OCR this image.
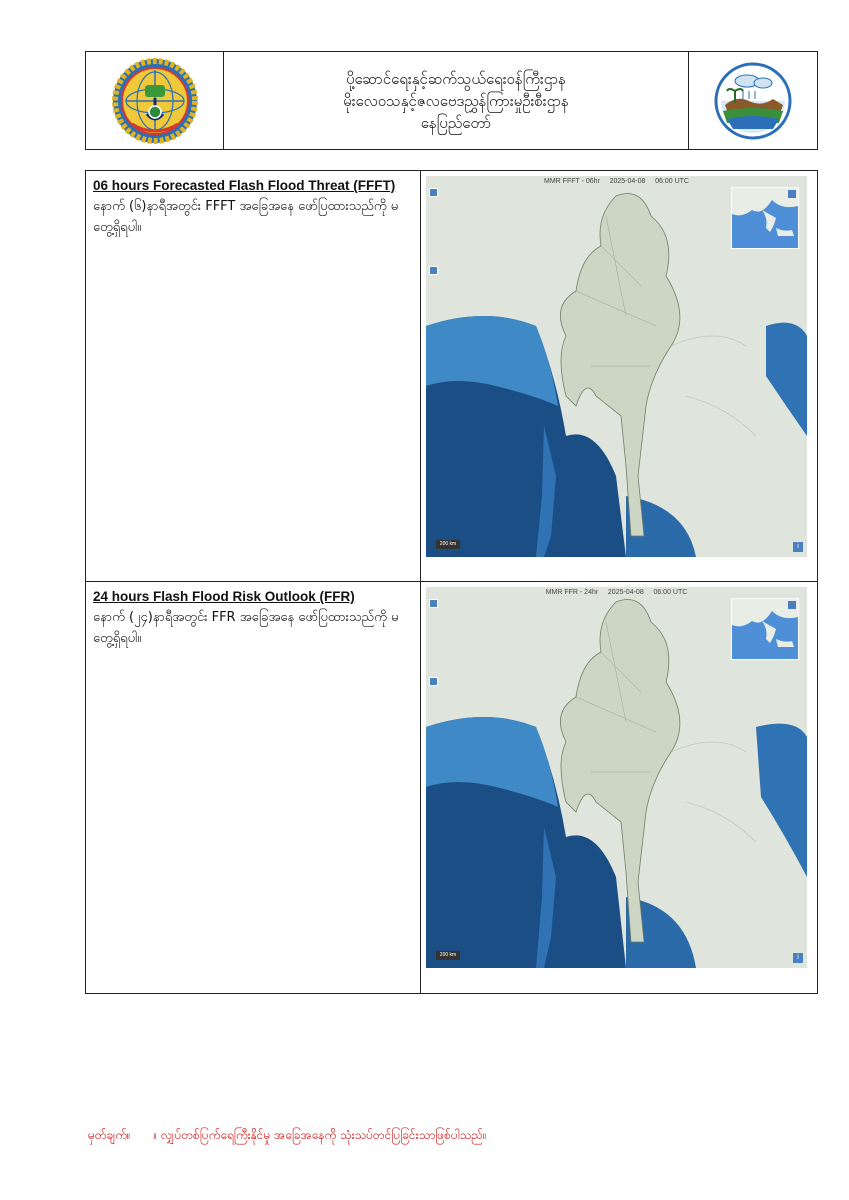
ပို့ဆောင်ရေးနှင့်ဆက်သွယ်ရေးဝန်ကြီးဌာန
မိုးလေဝသနှင့်ဇလဗေဒညွှန်ကြားမှုဦးစီးဌာန
နေပြည်တော်
06 hours Forecasted Flash Flood Threat (FFFT)
နောက် (၆)နာရီအတွင်း FFFT အခြေအနေ ဖော်ပြထားသည်ကို မတွေ့ရှိရပါ။
MMR FFFT - 06hr     2025-04-08     06:00 UTC
200 km	i
24 hours Flash Flood Risk Outlook (FFR)
နောက် (၂၄)နာရီအတွင်း FFR အခြေအနေ ဖော်ပြထားသည်ကို မတွေ့ရှိရပါ။
MMR FFR - 24hr     2025-04-08     06:00 UTC
200 km	i
မှတ်ချက်။ ။ လျှပ်တစ်ပြက်ရေကြီးနိုင်မှု အခြေအနေကို သုံးသပ်တင်ပြခြင်းသာဖြစ်ပါသည်။
